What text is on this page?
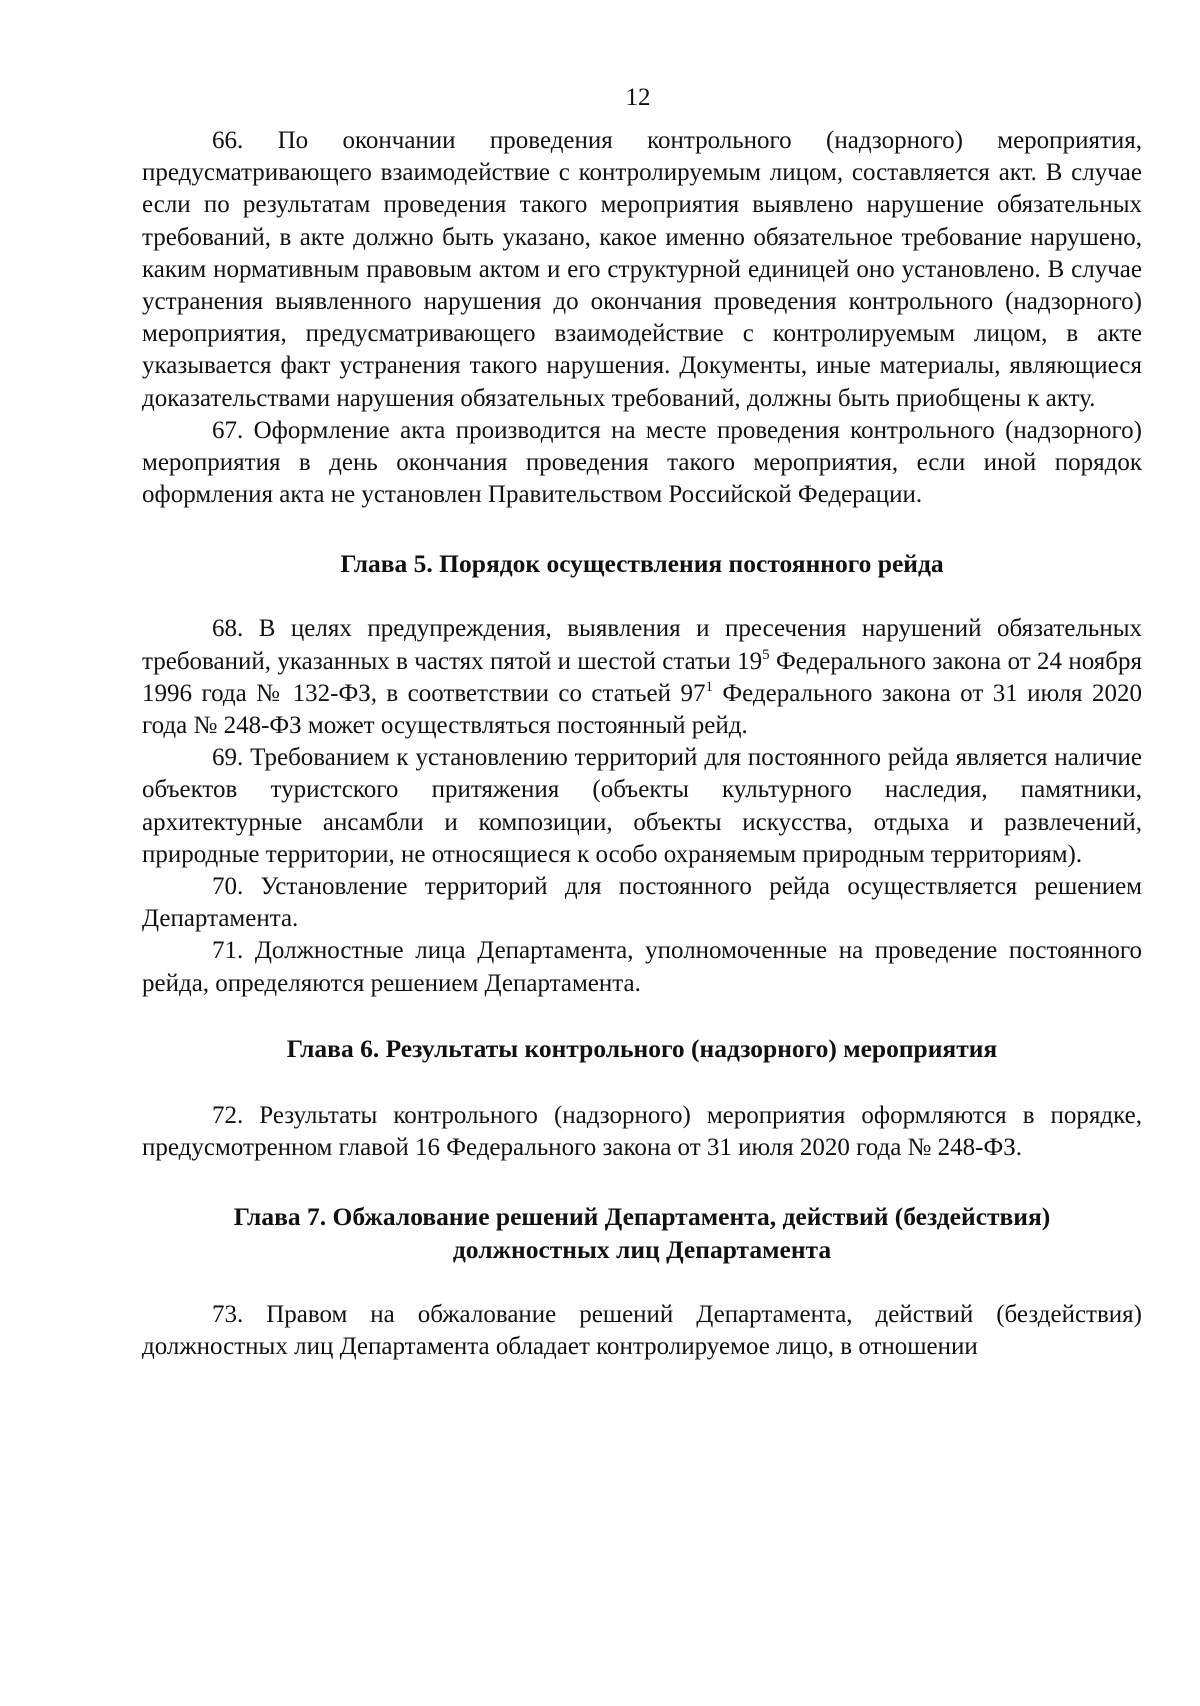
12

66. По окончании проведения контрольного (надзорного) мероприятия, предусматривающего взаимодействие с контролируемым лицом, составляется акт. В случае если по результатам проведения такого мероприятия выявлено нарушение обязательных требований, в акте должно быть указано, какое именно обязательное требование нарушено, каким нормативным правовым актом и его структурной единицей оно установлено. В случае устранения выявленного нарушения до окончания проведения контрольного (надзорного) мероприятия, предусматривающего взаимодействие с контролируемым лицом, в акте указывается факт устранения такого нарушения. Документы, иные материалы, являющиеся доказательствами нарушения обязательных требований, должны быть приобщены к акту.

67. Оформление акта производится на месте проведения контрольного (надзорного) мероприятия в день окончания проведения такого мероприятия, если иной порядок оформления акта не установлен Правительством Российской Федерации.

Глава 5. Порядок осуществления постоянного рейда

68. В целях предупреждения, выявления и пресечения нарушений обязательных требований, указанных в частях пятой и шестой статьи $19^5$ Федерального закона от 24 ноября 1996 года № 132-ФЗ, в соответствии со статьей $97^1$ Федерального закона от 31 июля 2020 года № 248-ФЗ может осуществляться постоянный рейд.

69. Требованием к установлению территорий для постоянного рейда является наличие объектов туристского притяжения (объекты культурного наследия, памятники, архитектурные ансамбли и композиции, объекты искусства, отдыха и развлечений, природные территории, не относящиеся к особо охраняемым природным территориям).

70. Установление территорий для постоянного рейда осуществляется решением Департамента.

71. Должностные лица Департамента, уполномоченные на проведение постоянного рейда, определяются решением Департамента.

Глава 6. Результаты контрольного (надзорного) мероприятия

72. Результаты контрольного (надзорного) мероприятия оформляются в порядке, предусмотренном главой 16 Федерального закона от 31 июля 2020 года № 248-ФЗ.

Глава 7. Обжалование решений Департамента, действий (бездействия) должностных лиц Департамента

73. Правом на обжалование решений Департамента, действий (бездействия) должностных лиц Департамента обладает контролируемое лицо, в отношении
